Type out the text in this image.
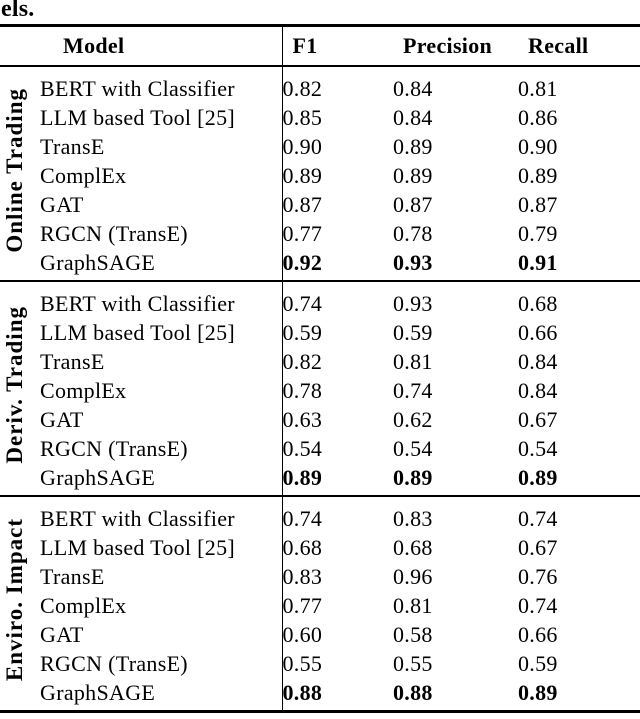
els.
	Model	F1	Precision	Recall
Online Trading	BERT with Classifier	0.82	0.84	0.81
	LLM based Tool [25]	0.85	0.84	0.86
	TransE	0.90	0.89	0.90
	ComplEx	0.89	0.89	0.89
	GAT	0.87	0.87	0.87
	RGCN (TransE)	0.77	0.78	0.79
	GraphSAGE	0.92	0.93	0.91
Deriv. Trading	BERT with Classifier	0.74	0.93	0.68
	LLM based Tool [25]	0.59	0.59	0.66
	TransE	0.82	0.81	0.84
	ComplEx	0.78	0.74	0.84
	GAT	0.63	0.62	0.67
	RGCN (TransE)	0.54	0.54	0.54
	GraphSAGE	0.89	0.89	0.89
Enviro. Impact	BERT with Classifier	0.74	0.83	0.74
	LLM based Tool [25]	0.68	0.68	0.67
	TransE	0.83	0.96	0.76
	ComplEx	0.77	0.81	0.74
	GAT	0.60	0.58	0.66
	RGCN (TransE)	0.55	0.55	0.59
	GraphSAGE	0.88	0.88	0.89
